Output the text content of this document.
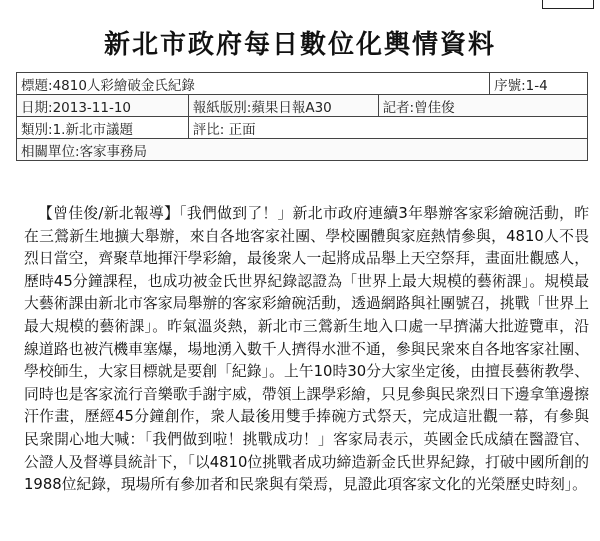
新北市政府每日數位化輿情資料
標題:4810人彩繪破金氏紀錄			序號:1-4
日期:2013-11-10	報紙版別:蘋果日報A30	記者:曾佳俊	
類別:1.新北市議題	評比: 正面		
相關單位:客家事務局			
【曾佳俊/新北報導】「我們做到了！」新北市政府連續3年舉辦客家彩繪碗活動，昨在三鶯新生地擴大舉辦，來自各地客家社團、學校團體與家庭熱情參與，4810人不畏烈日當空，齊聚草地揮汗學彩繪，最後衆人一起將成品舉上天空祭拜，畫面壯觀感人，歷時45分鐘課程，也成功被金氏世界紀錄認證為「世界上最大規模的藝術課」。規模最大藝術課由新北市客家局舉辦的客家彩繪碗活動，透過網路與社團號召，挑戰「世界上最大規模的藝術課」。昨氣溫炎熱，新北市三鶯新生地入口處一早擠滿大批遊覽車，沿線道路也被汽機車塞爆，場地湧入數千人擠得水泄不通，參與民衆來自各地客家社團、學校師生，大家目標就是要創「紀錄」。上午10時30分大家坐定後，由擅長藝術教學、同時也是客家流行音樂歌手謝宇威，帶領上課學彩繪，只見參與民衆烈日下邊拿筆邊擦汗作畫，歷經45分鐘創作，衆人最後用雙手捧碗方式祭天，完成這壯觀一幕，有參與民衆開心地大喊：「我們做到啦！挑戰成功！」客家局表示，英國金氏成績在醫證官、公證人及督導員統計下，「以4810位挑戰者成功締造新金氏世界紀錄，打破中國所創的1988位紀錄，現場所有參加者和民衆與有榮焉，見證此項客家文化的光榮歷史時刻」。
